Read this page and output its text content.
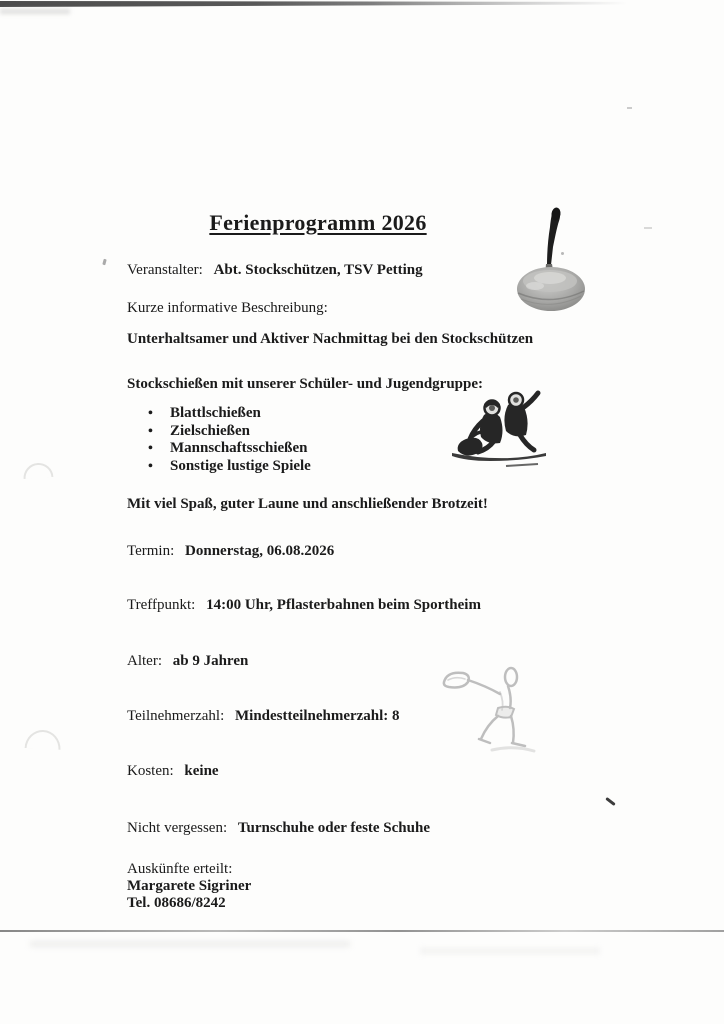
Ferienprogramm 2026
Veranstalter: Abt. Stockschützen, TSV Petting
Kurze informative Beschreibung:
Unterhaltsamer und Aktiver Nachmittag bei den Stockschützen
Stockschießen mit unserer Schüler- und Jugendgruppe:
• Blattlschießen
• Zielschießen
• Mannschaftsschießen
• Sonstige lustige Spiele
Mit viel Spaß, guter Laune und anschließender Brotzeit!
Termin: Donnerstag, 06.08.2026
Treffpunkt: 14:00 Uhr, Pflasterbahnen beim Sportheim
Alter: ab 9 Jahren
Teilnehmerzahl: Mindestteilnehmerzahl: 8
Kosten: keine
Nicht vergessen: Turnschuhe oder feste Schuhe
Auskünfte erteilt:
Margarete Sigriner
Tel. 08686/8242
